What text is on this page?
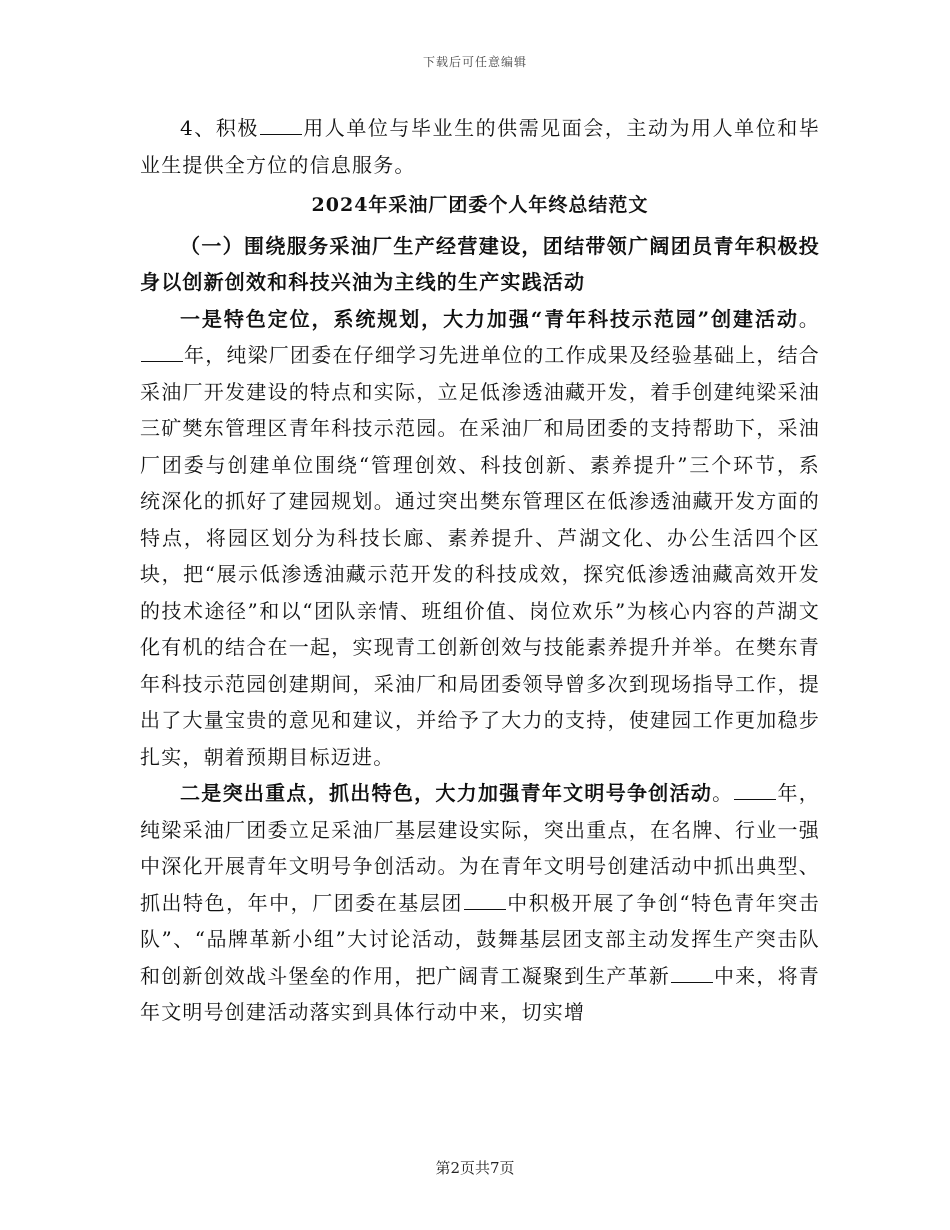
下载后可任意编辑

4、积极 用人单位与毕业生的供需见面会，主动为用人单位和毕业生提供全方位的信息服务。

2024年采油厂团委个人年终总结范文

（一）围绕服务采油厂生产经营建设，团结带领广阔团员青年积极投身以创新创效和科技兴油为主线的生产实践活动

一是特色定位，系统规划，大力加强“青年科技示范园”创建活动。年，纯梁厂团委在仔细学习先进单位的工作成果及经验基础上，结合采油厂开发建设的特点和实际，立足低渗透油藏开发，着手创建纯梁采油三矿樊东管理区青年科技示范园。在采油厂和局团委的支持帮助下，采油厂团委与创建单位围绕“管理创效、科技创新、素养提升”三个环节，系统深化的抓好了建园规划。通过突出樊东管理区在低渗透油藏开发方面的特点，将园区划分为科技长廊、素养提升、芦湖文化、办公生活四个区块，把“展示低渗透油藏示范开发的科技成效，探究低渗透油藏高效开发的技术途径”和以“团队亲情、班组价值、岗位欢乐”为核心内容的芦湖文化有机的结合在一起，实现青工创新创效与技能素养提升并举。在樊东青年科技示范园创建期间，采油厂和局团委领导曾多次到现场指导工作，提出了大量宝贵的意见和建议，并给予了大力的支持，使建园工作更加稳步扎实，朝着预期目标迈进。

二是突出重点，抓出特色，大力加强青年文明号争创活动。 年，纯梁采油厂团委立足采油厂基层建设实际，突出重点，在名牌、行业一强中深化开展青年文明号争创活动。为在青年文明号创建活动中抓出典型、抓出特色，年中，厂团委在基层团 中积极开展了争创“特色青年突击队”、“品牌革新小组”大讨论活动，鼓舞基层团支部主动发挥生产突击队和创新创效战斗堡垒的作用，把广阔青工凝聚到生产革新 中来，将青年文明号创建活动落实到具体行动中来，切实增

第2页共7页
